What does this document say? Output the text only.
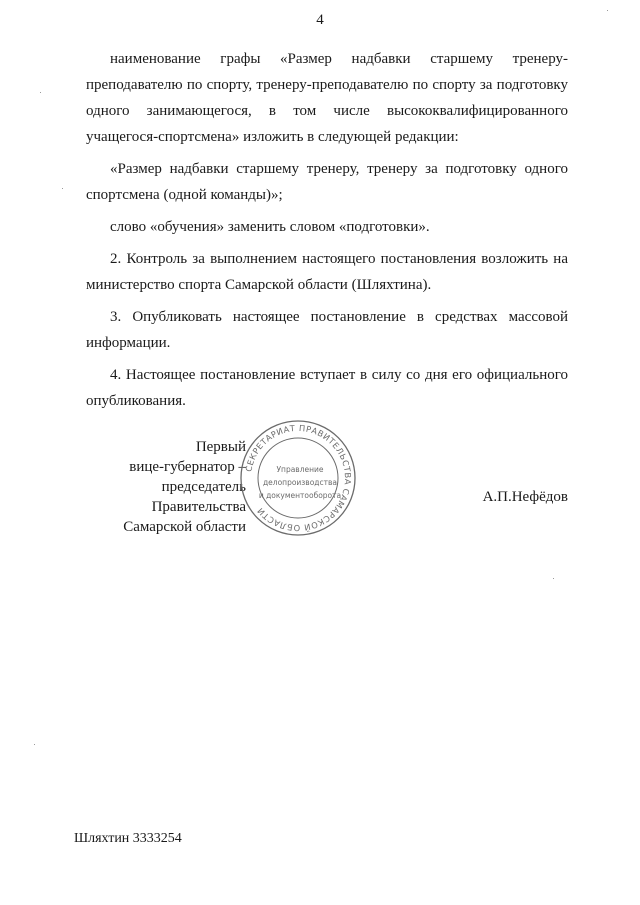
4

наименование графы «Размер надбавки старшему тренеру-преподавателю по спорту, тренеру-преподавателю по спорту за подготовку одного занимающегося, в том числе высококвалифицированного учащегося-спортсмена» изложить в следующей редакции:

«Размер надбавки старшему тренеру, тренеру за подготовку одного спортсмена (одной команды)»;

слово «обучения» заменить словом «подготовки».

2. Контроль за выполнением настоящего постановления возложить на министерство спорта Самарской области (Шляхтина).

3. Опубликовать настоящее постановление в средствах массовой информации.

4. Настоящее постановление вступает в силу со дня его официального опубликования.

Первый
вице-губернатор –
председатель Правительства
Самарской области
А.П.Нефёдов
СЕКРЕТАРИАТ ПРАВИТЕЛЬСТВА САМАРСКОЙ ОБЛАСТИ
Управление
делопроизводства
и документооборота
Шляхтин 3333254
